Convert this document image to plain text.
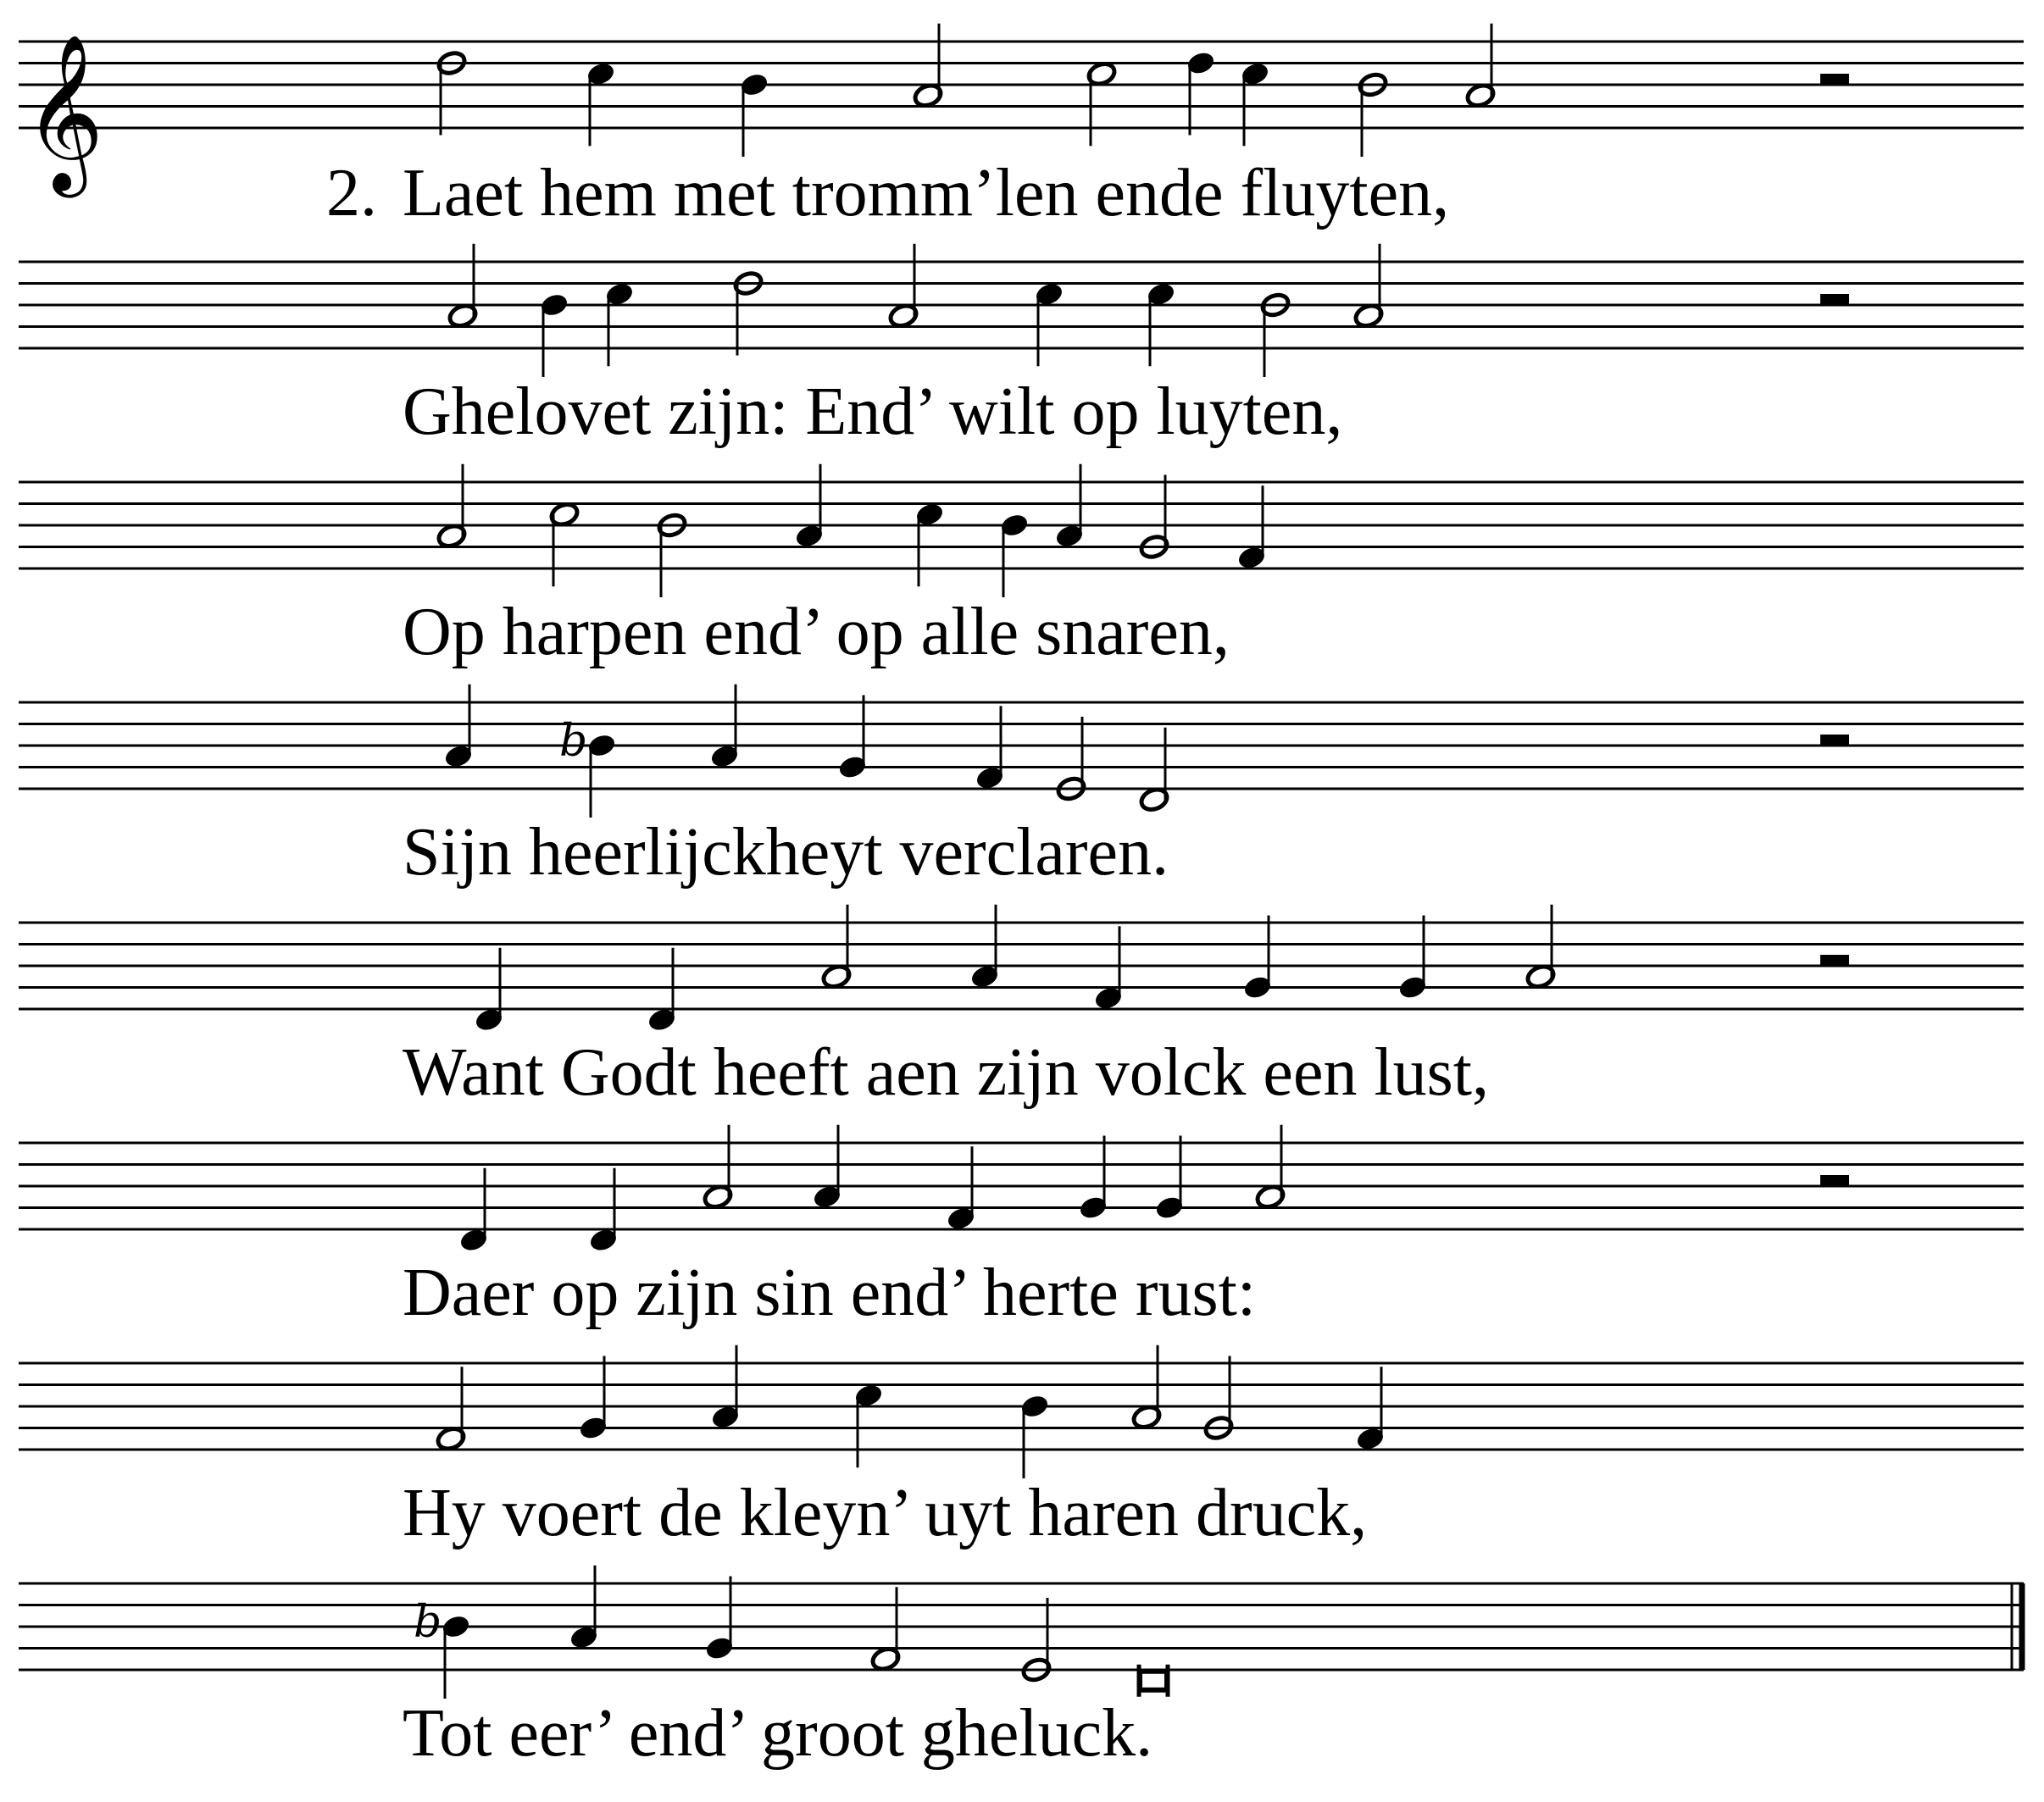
𝄞
b
b
2. Laet hem met tromm’len ende fluyten,
Ghelovet zijn: End’ wilt op luyten,
Op harpen end’ op alle snaren,
Sijn heerlijckheyt verclaren.
Want Godt heeft aen zijn volck een lust,
Daer op zijn sin end’ herte rust:
Hy voert de kleyn’ uyt haren druck,
Tot eer’ end’ groot gheluck.
